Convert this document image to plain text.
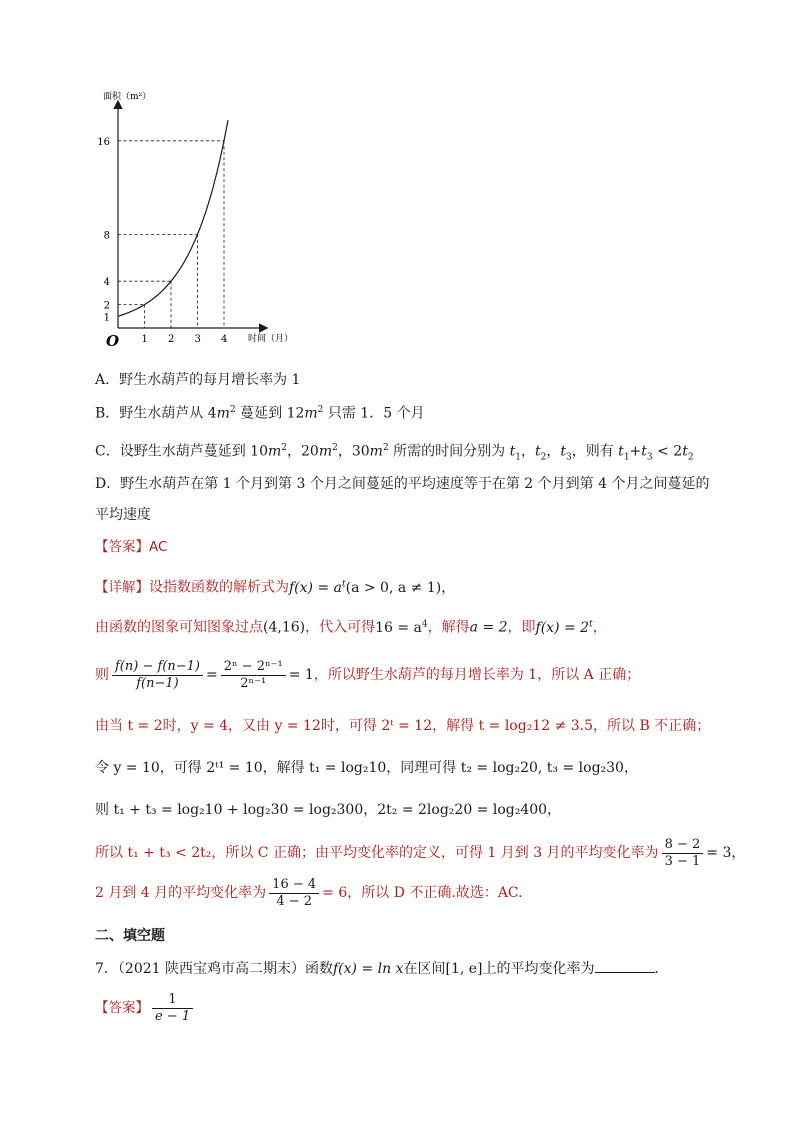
1 2 3 4
1
2
4
8
16
面积（m²）
时间（月）
O
A．野生水葫芦的每月增长率为 1
B．野生水葫芦从 $4m^2$ 蔓延到 $12m^2$ 只需 1．5 个月
C．设野生水葫芦蔓延到 $10m^2$，$20m^2$，$30m^2$ 所需的时间分别为 $t_1$，$t_2$，$t_3$，则有 $t_1+t_3 < 2t_2$
D．野生水葫芦在第 1 个月到第 3 个月之间蔓延的平均速度等于在第 2 个月到第 4 个月之间蔓延的
平均速度
【答案】AC
【详解】设指数函数的解析式为$f(x) = a^t(a > 0$, a ≠ 1)，
由函数的图象可知图象过点(4,16)，代入可得$16 = a^4$，解得a = 2，即$f(x) = 2^t$，
则 $\frac{f(n) - f(n-1)}{f(n-1)} = \frac{\text{2ⁿ − 2ⁿ⁻¹}}{\text{2ⁿ⁻¹}} = 1$，所以野生水葫芦的每月增长率为 1，所以 A 正确；
由当 t = 2时，y = 4，又由 y = 12时，可得 2ᵗ = 12，解得 t = log₂12 ≠ 3.5，所以 B 不正确；
令 y = 10，可得 2ᵗ¹ = 10，解得 t₁ = log₂10，同理可得 t₂ = log₂20, t₃ = log₂30，
则 t₁ + t₃ = log₂10 + log₂30 = log₂300，2t₂ = 2log₂20 = log₂400，
所以 t₁ + t₃ < 2t₂，所以 C 正确；由平均变化率的定义，可得 1 月到 3 月的平均变化率为 $\frac{8 - 2}{3 - 1} = 3$，
2 月到 4 月的平均变化率为 $\frac{16 - 4}{4 - 2} = 6$，所以 D 不正确.故选：AC.
二、填空题
7．（2021 陕西宝鸡市高二期末）函数f(x) = ln x在区间[1, e]上的平均变化率为	.
【答案】 $\frac{1}{e - 1}$
